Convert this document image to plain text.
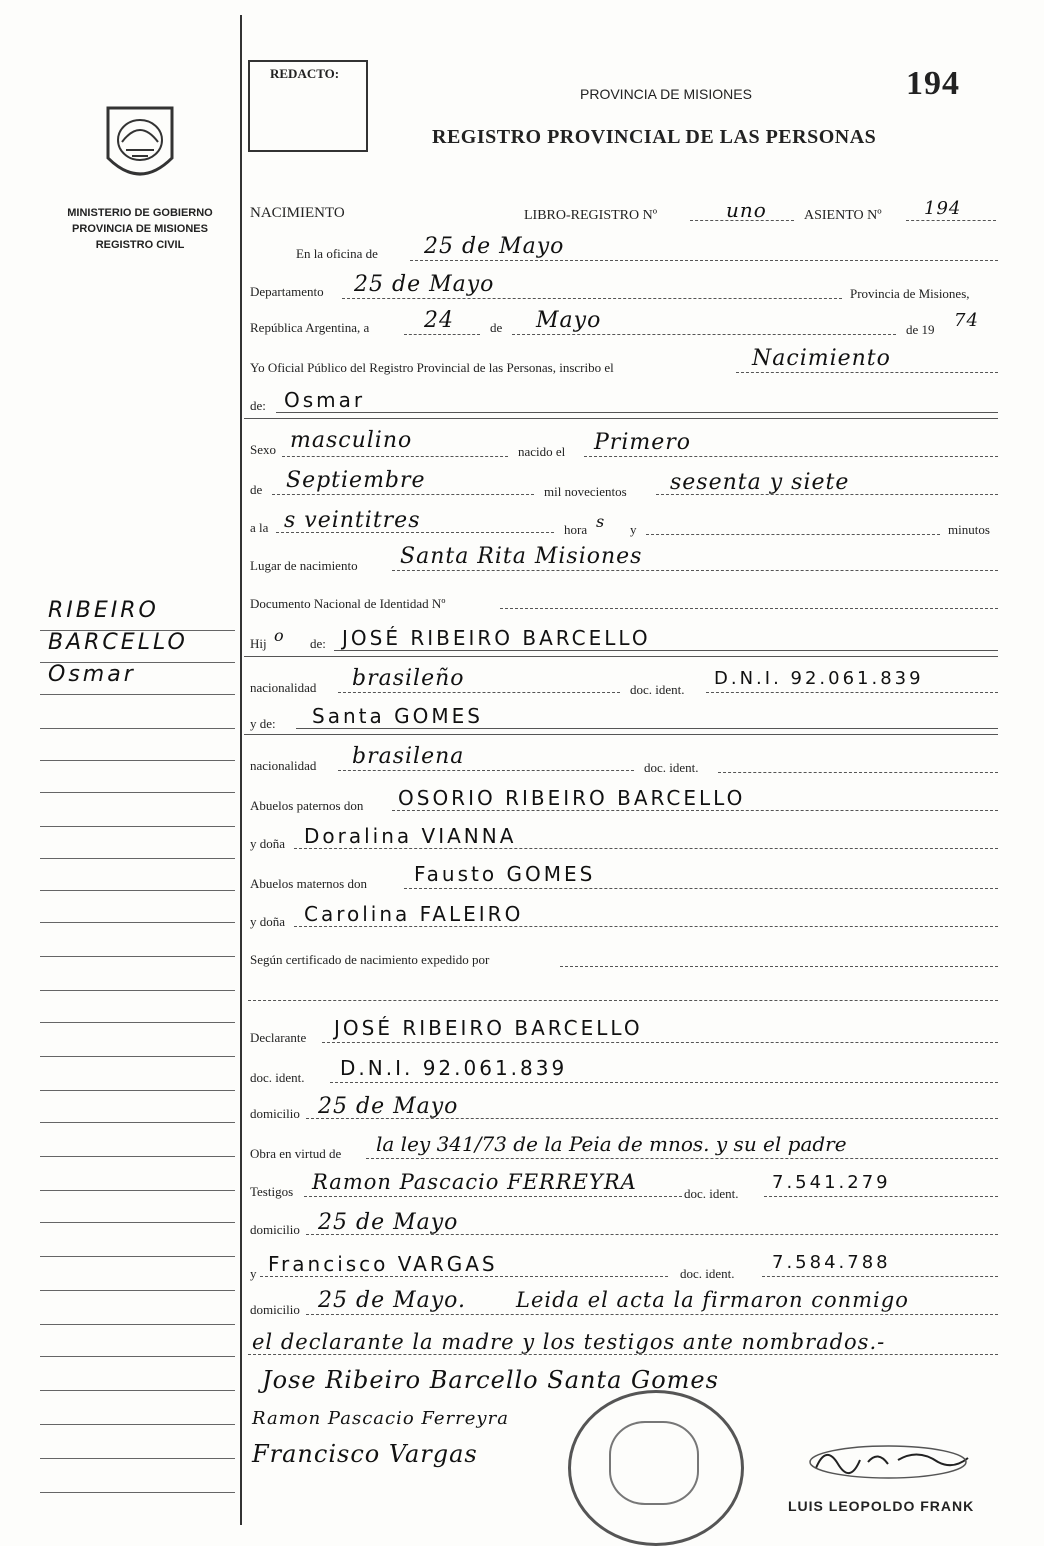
MINISTERIO DE GOBIERNO
PROVINCIA DE MISIONES
REGISTRO CIVIL
RIBEIRO
BARCELLO
Osmar
REDACTO:
PROVINCIA DE MISIONES	194
REGISTRO PROVINCIAL DE LAS PERSONAS
NACIMIENTO	LIBRO-REGISTRO Nº	uno	ASIENTO Nº 194
En la oficina de 25 de Mayo
Departamento 25 de Mayo	Provincia de Misiones,
República Argentina, a 24	de Mayo	de 19 74
Yo Oficial Público del Registro Provincial de las Personas, inscribo el	Nacimiento
de: Osmar
Sexo masculino	nacido el Primero
de Septiembre	mil novecientos sesenta y siete
a la s veintitres	hora s y	minutos
Lugar de nacimiento Santa Rita Misiones
Documento Nacional de Identidad Nº
Hij o de: JOSÉ RIBEIRO BARCELLO
nacionalidad brasileño	doc. ident.
D.N.I. 92.061.839
y de: Santa GOMES
nacionalidad brasilena	doc. ident.
Abuelos paternos don OSORIO RIBEIRO BARCELLO
y doña Doralina VIANNA
Abuelos maternos don Fausto GOMES
y doña Carolina FALEIRO
Según certificado de nacimiento expedido por
Declarante JOSÉ RIBEIRO BARCELLO
doc. ident. D.N.I. 92.061.839
domicilio 25 de Mayo
Obra en virtud de la ley 341/73 de la Peia de mnos. y su el padre
Testigos Ramon Pascacio FERREYRA	doc. ident.
7.541.279
domicilio 25 de Mayo
y Francisco VARGAS	doc. ident.
7.584.788
domicilio 25 de Mayo. Leida el acta la firmaron conmigo
el declarante la madre y los testigos ante nombrados.-
Jose Ribeiro Barcello Santa Gomes
Ramon Pascacio Ferreyra
Francisco Vargas
LUIS LEOPOLDO FRANK
